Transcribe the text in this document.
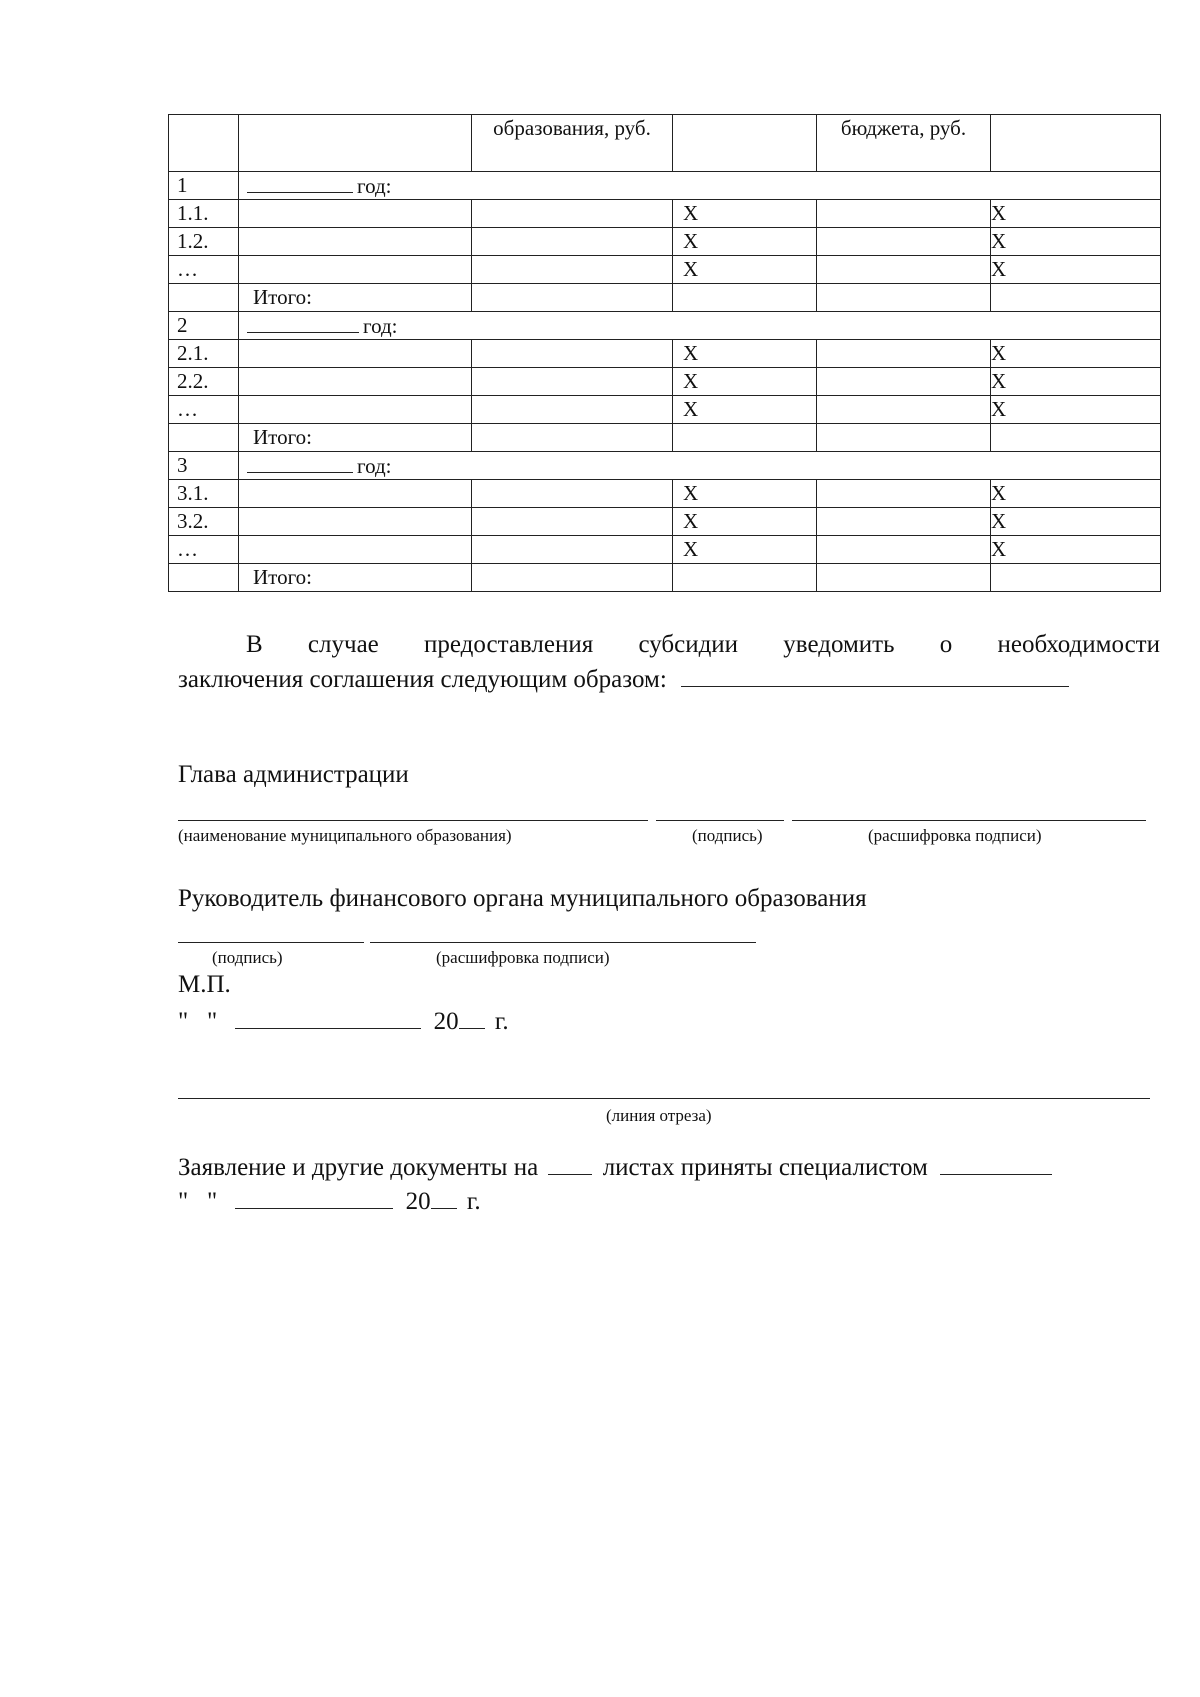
		образования, руб.		бюджета, руб.	
1	год:				
1.1.			X		X
1.2.			X		X
…			X		X
	Итого:				
2	год:				
2.1.			X		X
2.2.			X		X
…			X		X
	Итого:				
3	год:				
3.1.			X		X
3.2.			X		X
…			X		X
	Итого:				
В случае предоставления субсидии уведомить о необходимости
заключения соглашения следующим образом:
Глава администрации
(наименование муниципального образования)	(подпись)	(расшифровка подписи)
Руководитель финансового органа муниципального образования
(подпись)	(расшифровка подписи)
М.П.
"   "	20 г.
(линия отреза)
Заявление и другие документы на	листах приняты специалистом
"   "	20 г.
